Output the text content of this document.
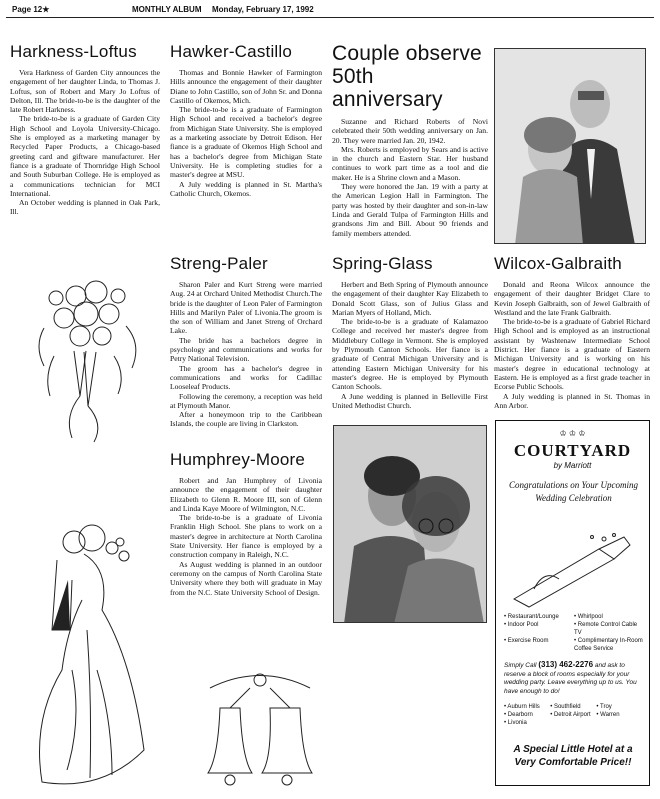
Page 12★	MONTHLY ALBUM Monday, February 17, 1992
Harkness-Loftus

Vera Harkness of Garden City announces the engagement of her daughter Linda, to Thomas J. Loftus, son of Robert and Mary Jo Loftus of Delton, Ill. The bride-to-be is the daughter of the late Robert Harkness.

The bride-to-be is a graduate of Garden City High School and Loyola University-Chicago. She is employed as a marketing manager by Recycled Paper Products, a Chicago-based greeting card and giftware manufacturer. Her fiance is a graduate of Thornridge High School and South Suburban College. He is employed as a communications technician for MCI International.

An October wedding is planned in Oak Park, Ill.

Hawker-Castillo

Thomas and Bonnie Hawker of Farmington Hills announce the engagement of their daughter Diane to John Castillo, son of John Sr. and Donna Castillo of Okemos, Mich.

The bride-to-be is a graduate of Farmington High School and received a bachelor's degree from Michigan State University. She is employed as a marketing associate by Detroit Edison. Her fiance is a graduate of Okemos High School and has a bachelor's degree from Michigan State University. He is completing studies for a master's degree at MSU.

A July wedding is planned in St. Martha's Catholic Church, Okemos.

Couple observe 50th anniversary

Suzanne and Richard Roberts of Novi celebrated their 50th wedding anniversary on Jan. 20. They were married Jan. 20, 1942.

Mrs. Roberts is employed by Sears and is active in the church and Eastern Star. Her husband continues to work part time as a tool and die maker. He is a Shrine clown and a Mason.

They were honored the Jan. 19 with a party at the American Legion Hall in Farmington. The party was hosted by their daughter and son-in-law Linda and Gerald Tulpa of Farmington Hills and grandsons Jim and Bill. About 90 friends and family members attended.

Streng-Paler

Sharon Paler and Kurt Streng were married Aug. 24 at Orchard United Methodist Church.The bride is the daughter of Leon Paler of Farmington Hills and Marilyn Paler of Livonia.The groom is the son of William and Janet Streng of Orchard Lake.

The bride has a bachelors degree in psychology and communications and works for Petry National Television.

The groom has a bachelor's degree in communications and works for Cadillac Looseleaf Products.

Following the ceremony, a reception was held at Plymouth Manor.

After a honeymoon trip to the Caribbean Islands, the couple are living in Clarkston.

Spring-Glass

Herbert and Beth Spring of Plymouth announce the engagement of their daughter Kay Elizabeth to Donald Scott Glass, son of Julius Glass and Marian Myers of Holland, Mich.

The bride-to-be is a graduate of Kalamazoo College and received her master's degree from Middlebury College in Vermont. She is employed by Plymouth Canton Schools. Her fiance is a graduate of Central Michigan University and is attending Eastern Michigan University for his master's degree. He is employed by Plymouth Canton Schools.

A June wedding is planned in Belleville First United Methodist Church.

Wilcox-Galbraith

Donald and Reona Wilcox announce the engagement of their daughter Bridget Clare to Kevin Joseph Galbraith, son of Jewel Galbraith of Westland and the late Frank Galbraith.

The bride-to-be is a graduate of Gabriel Richard High School and is employed as an instructional assistant by Washtenaw Intermediate School District. Her fiance is a graduate of Eastern Michigan University and is working on his master's degree in educational technology at Eastern. He is employed as a first grade teacher in Ecorse Public Schools.

A July wedding is planned in St. Thomas in Ann Arbor.

Humphrey-Moore

Robert and Jan Humphrey of Livonia announce the engagement of their daughter Elizabeth to Glenn R. Moore III, son of Glenn and Linda Kaye Moore of Wilmington, N.C.

The bride-to-be is a graduate of Livonia Franklin High School. She plans to work on a master's degree in architecture at North Carolina State University. Her fiance is employed by a construction company in Raleigh, N.C.

As August wedding is planned in an outdoor ceremony on the campus of North Carolina State University where they both will graduate in May from the N.C. State University School of Design.

♔ ♔ ♔
COURTYARD
by Marriott
Congratulations on Your Upcoming Wedding Celebration
• Restaurant/Lounge	• Whirlpool
• Indoor Pool	• Remote Control Cable TV
• Exercise Room	• Complimentary In-Room Coffee Service
Simply Call (313) 462-2276 and ask to reserve a block of rooms especially for your wedding party. Leave everything up to us. You have enough to do!
• Auburn Hills	• Southfield	• Troy
• Dearborn	• Detroit Airport • Warren
• Livonia
A Special Little Hotel at a Very Comfortable Price!!
